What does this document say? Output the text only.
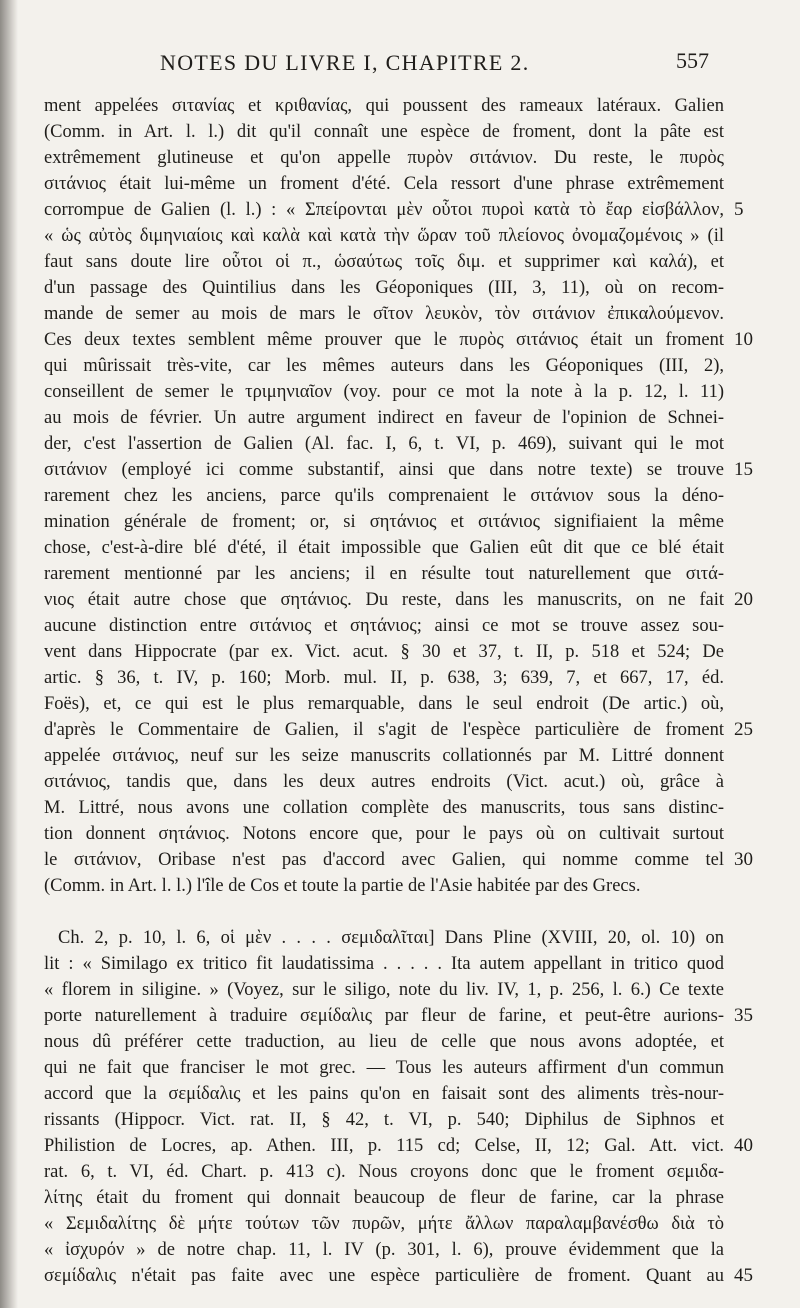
NOTES DU LIVRE I, CHAPITRE 2.	557
ment appelées σιτανίας et κριθανίας, qui poussent des rameaux latéraux. Galien
(Comm. in Art. l. l.) dit qu'il connaît une espèce de froment, dont la pâte est
extrêmement glutineuse et qu'on appelle πυρὸν σιτάνιον. Du reste, le πυρὸς
σιτάνιος était lui-même un froment d'été. Cela ressort d'une phrase extrêmement
corrompue de Galien (l. l.) : « Σπείρονται μὲν οὗτοι πυροὶ κατὰ τὸ ἔαρ εἰσβάλλον, 5
« ὡς αὐτὸς διμηνιαίοις καὶ καλὰ καὶ κατὰ τὴν ὥραν τοῦ πλείονος ὀνομαζομένοις » (il
faut sans doute lire οὗτοι οἱ π., ὡσαύτως τοῖς διμ. et supprimer καὶ καλά), et
d'un passage des Quintilius dans les Géoponiques (III, 3, 11), où on recom-
mande de semer au mois de mars le σῖτον λευκὸν, τὸν σιτάνιον ἐπικαλούμενον.
Ces deux textes semblent même prouver que le πυρὸς σιτάνιος était un froment 10
qui mûrissait très-vite, car les mêmes auteurs dans les Géoponiques (III, 2),
conseillent de semer le τριμηνιαῖον (voy. pour ce mot la note à la p. 12, l. 11)
au mois de février. Un autre argument indirect en faveur de l'opinion de Schnei-
der, c'est l'assertion de Galien (Al. fac. I, 6, t. VI, p. 469), suivant qui le mot
σιτάνιον (employé ici comme substantif, ainsi que dans notre texte) se trouve 15
rarement chez les anciens, parce qu'ils comprenaient le σιτάνιον sous la déno-
mination générale de froment; or, si σητάνιος et σιτάνιος signifiaient la même
chose, c'est-à-dire blé d'été, il était impossible que Galien eût dit que ce blé était
rarement mentionné par les anciens; il en résulte tout naturellement que σιτά-
νιος était autre chose que σητάνιος. Du reste, dans les manuscrits, on ne fait 20
aucune distinction entre σιτάνιος et σητάνιος; ainsi ce mot se trouve assez sou-
vent dans Hippocrate (par ex. Vict. acut. § 30 et 37, t. II, p. 518 et 524; De
artic. § 36, t. IV, p. 160; Morb. mul. II, p. 638, 3; 639, 7, et 667, 17, éd.
Foës), et, ce qui est le plus remarquable, dans le seul endroit (De artic.) où,
d'après le Commentaire de Galien, il s'agit de l'espèce particulière de froment 25
appelée σιτάνιος, neuf sur les seize manuscrits collationnés par M. Littré donnent
σιτάνιος, tandis que, dans les deux autres endroits (Vict. acut.) où, grâce à
M. Littré, nous avons une collation complète des manuscrits, tous sans distinc-
tion donnent σητάνιος. Notons encore que, pour le pays où on cultivait surtout
le σιτάνιον, Oribase n'est pas d'accord avec Galien, qui nomme comme tel 30
(Comm. in Art. l. l.) l'île de Cos et toute la partie de l'Asie habitée par des Grecs.
Ch. 2, p. 10, l. 6, οἱ μὲν . . . . σεμιδαλῖται] Dans Pline (XVIII, 20, ol. 10) on
lit : « Similago ex tritico fit laudatissima . . . . . Ita autem appellant in tritico quod
« florem in siligine. » (Voyez, sur le siligo, note du liv. IV, 1, p. 256, l. 6.) Ce texte
porte naturellement à traduire σεμίδαλις par fleur de farine, et peut-être aurions- 35
nous dû préférer cette traduction, au lieu de celle que nous avons adoptée, et
qui ne fait que franciser le mot grec. — Tous les auteurs affirment d'un commun
accord que la σεμίδαλις et les pains qu'on en faisait sont des aliments très-nour-
rissants (Hippocr. Vict. rat. II, § 42, t. VI, p. 540; Diphilus de Siphnos et
Philistion de Locres, ap. Athen. III, p. 115 cd; Celse, II, 12; Gal. Att. vict. 40
rat. 6, t. VI, éd. Chart. p. 413 c). Nous croyons donc que le froment σεμιδα-
λίτης était du froment qui donnait beaucoup de fleur de farine, car la phrase
« Σεμιδαλίτης δὲ μήτε τούτων τῶν πυρῶν, μήτε ἄλλων παραλαμβανέσθω διὰ τὸ
« ἰσχυρόν » de notre chap. 11, l. IV (p. 301, l. 6), prouve évidemment que la
σεμίδαλις n'était pas faite avec une espèce particulière de froment. Quant au 45
